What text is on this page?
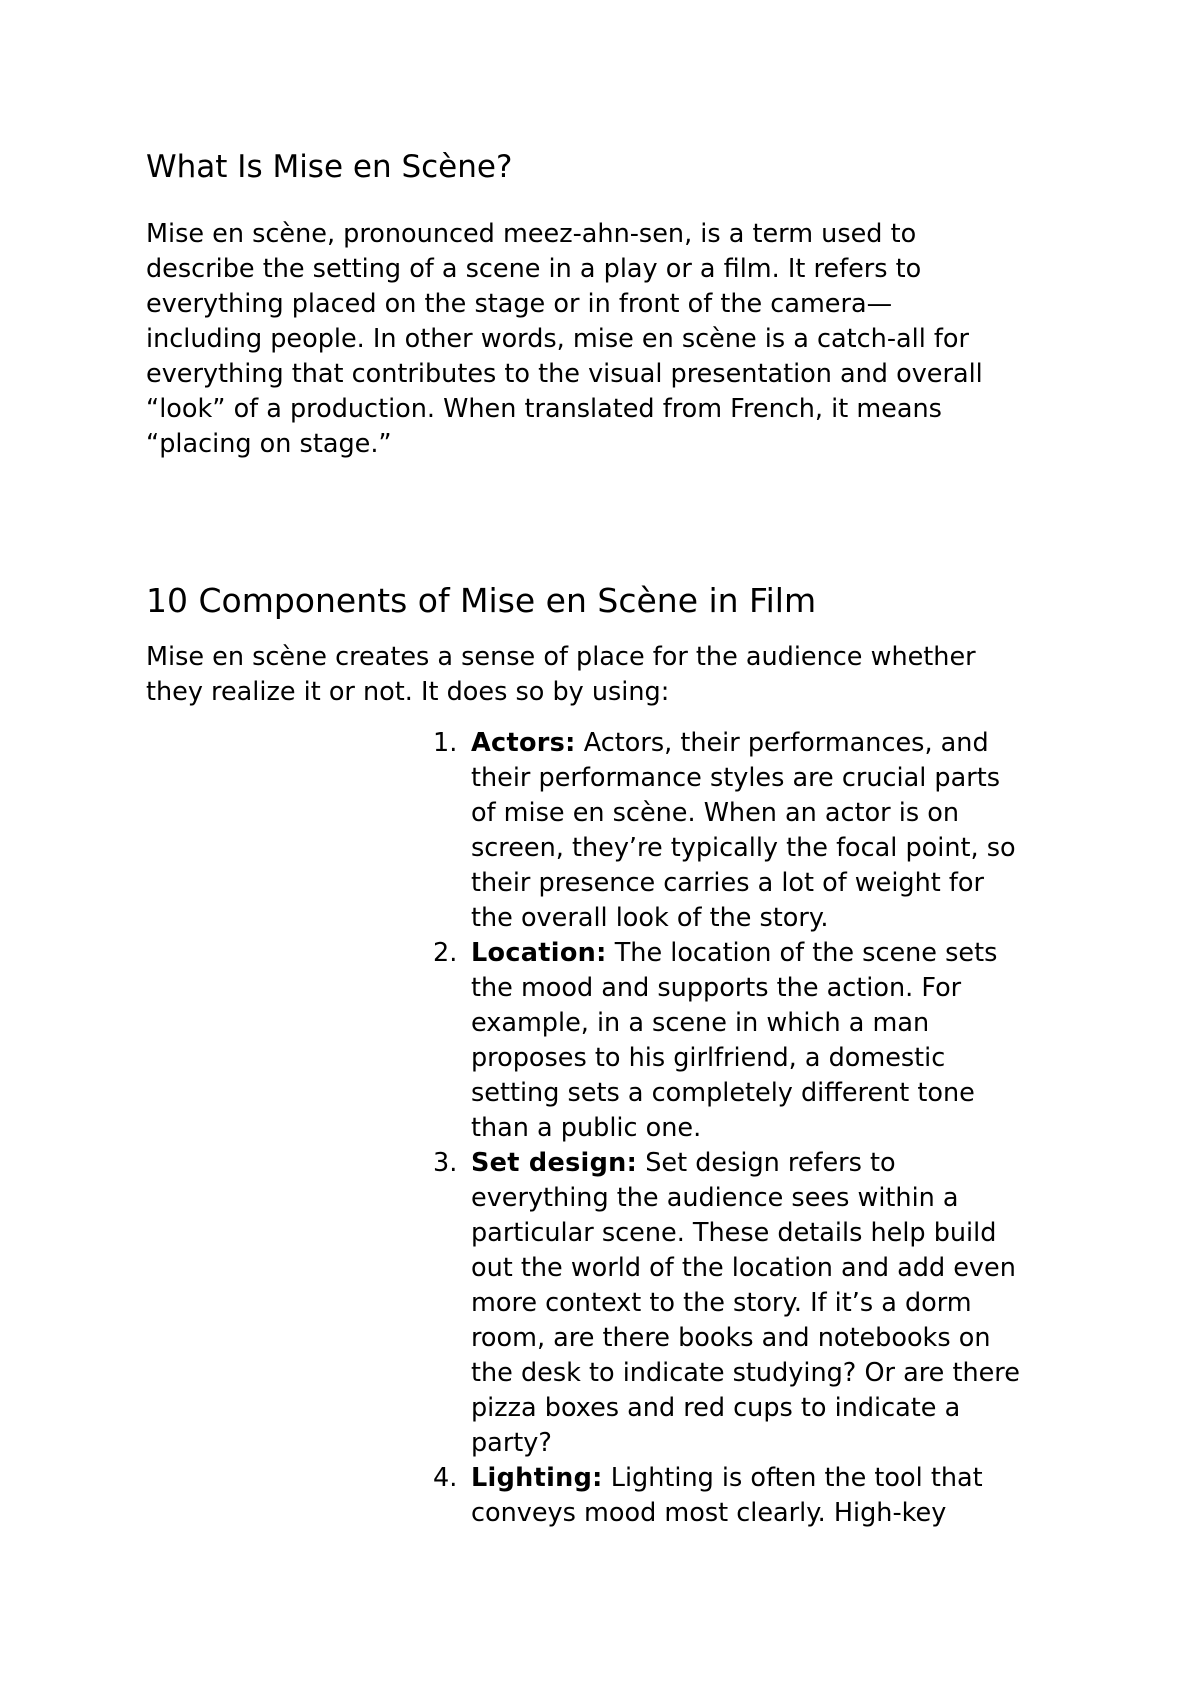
What Is Mise en Scène?
Mise en scène, pronounced meez-ahn-sen, is a term used to
describe the setting of a scene in a play or a film. It refers to
everything placed on the stage or in front of the camera—
including people. In other words, mise en scène is a catch-all for
everything that contributes to the visual presentation and overall
“look” of a production. When translated from French, it means
“placing on stage.”
10 Components of Mise en Scène in Film
Mise en scène creates a sense of place for the audience whether
they realize it or not. It does so by using:
1. Actors: Actors, their performances, and
their performance styles are crucial parts
of mise en scène. When an actor is on
screen, they’re typically the focal point, so
their presence carries a lot of weight for
the overall look of the story.
2. Location: The location of the scene sets
the mood and supports the action. For
example, in a scene in which a man
proposes to his girlfriend, a domestic
setting sets a completely different tone
than a public one.
3. Set design: Set design refers to
everything the audience sees within a
particular scene. These details help build
out the world of the location and add even
more context to the story. If it’s a dorm
room, are there books and notebooks on
the desk to indicate studying? Or are there
pizza boxes and red cups to indicate a
party?
4. Lighting: Lighting is often the tool that
conveys mood most clearly. High-key
